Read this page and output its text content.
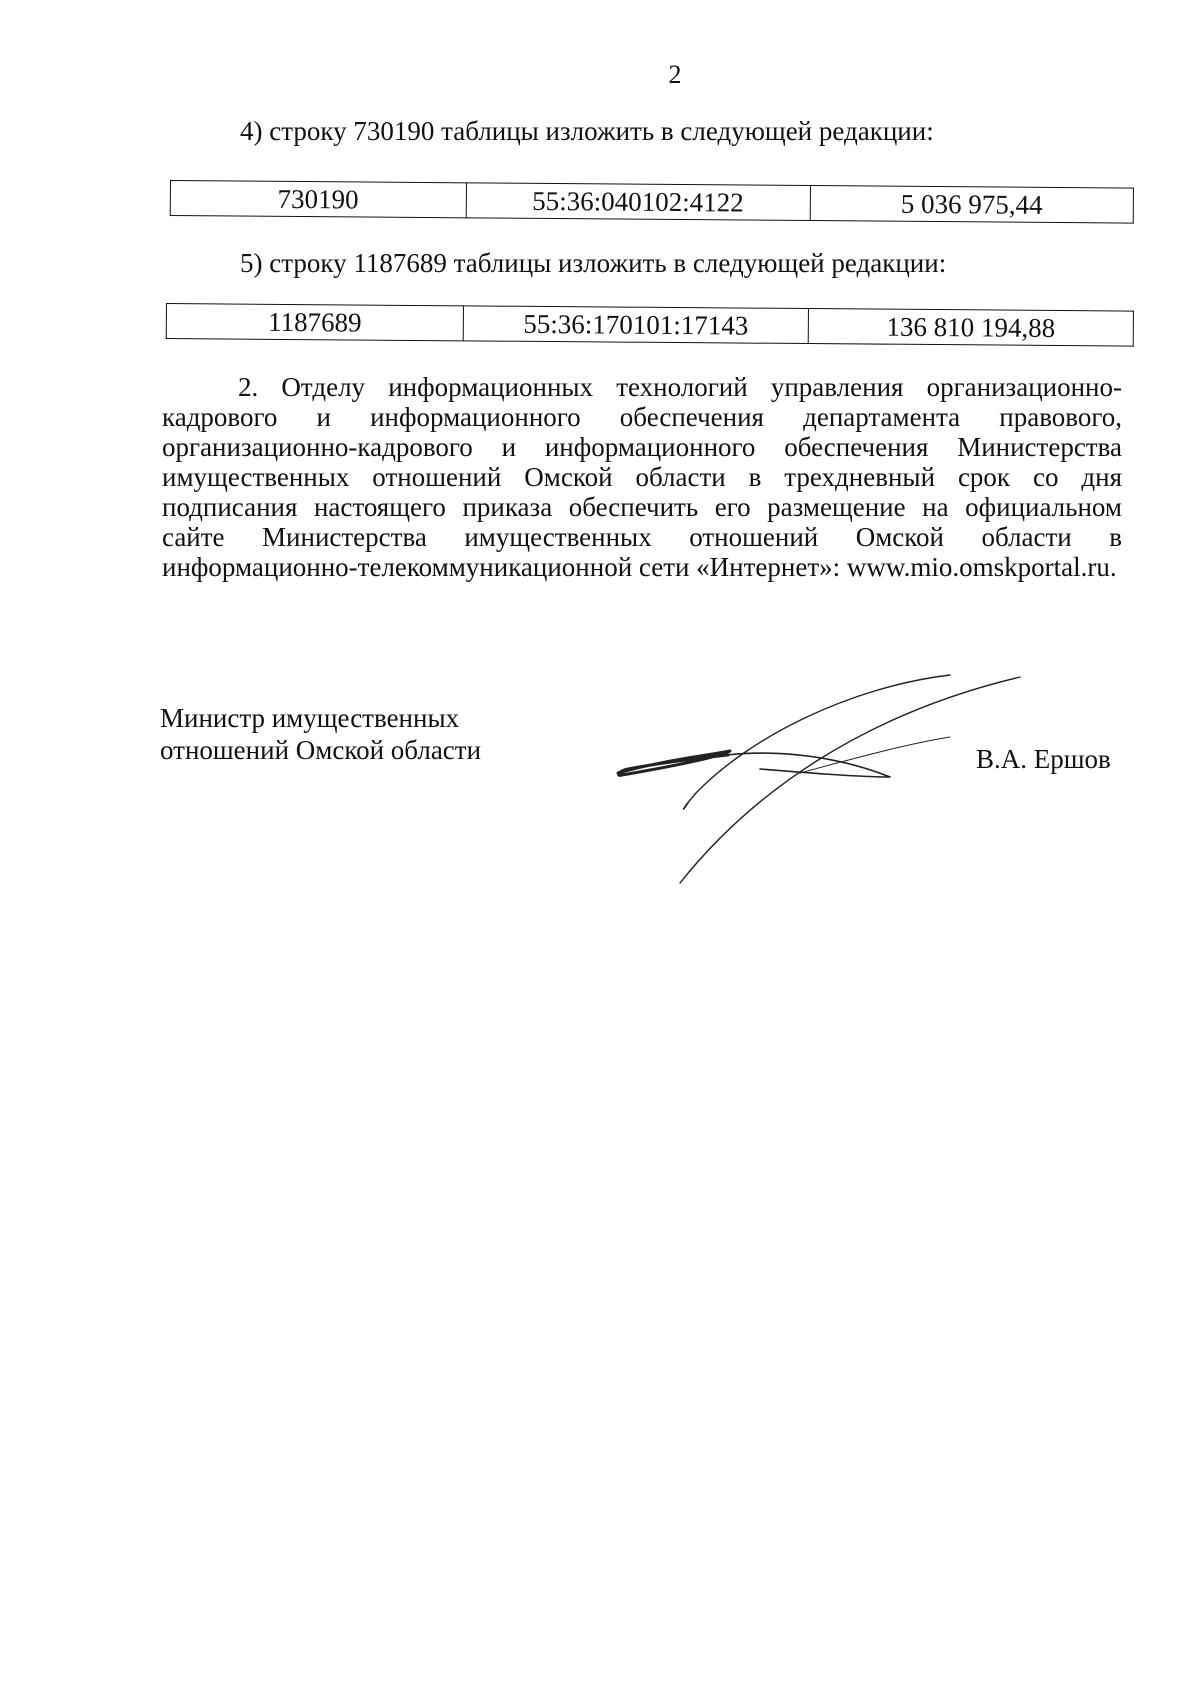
2
4) строку 730190 таблицы изложить в следующей редакции:
730190	55:36:040102:4122	5 036 975,44
5) строку 1187689 таблицы изложить в следующей редакции:
1187689	55:36:170101:17143	136 810 194,88

2. Отделу информационных технологий управления организационно-кадрового и информационного обеспечения департамента правового, организационно-кадрового и информационного обеспечения Министерства имущественных отношений Омской области в трехдневный срок со дня подписания настоящего приказа обеспечить его размещение на официальном сайте Министерства имущественных отношений Омской области в информационно-телекоммуникационной сети «Интернет»: www.mio.omskportal.ru.

Министр имущественных
отношений Омской области	В.А. Ершов
